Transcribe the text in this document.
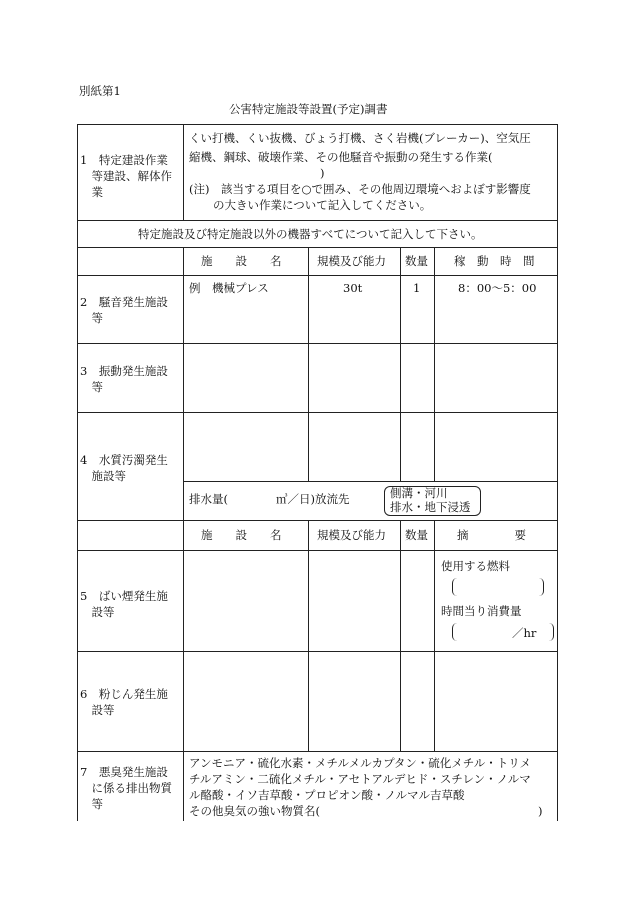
別紙第1
公害特定施設等設置(予定)調書
1　特定建設作業
　等建設、解体作
　業
くい打機、くい抜機、びょう打機、さく岩機(ブレーカー)、空気圧
縮機、鋼球、破壊作業、その他騒音や振動の発生する作業(
)
(注)　該当する項目を○で囲み、その他周辺環境へおよぼす影響度
の大きい作業について記入してください。
特定施設及び特定施設以外の機器すべてについて記入して下さい。
施　　設　　名	規模及び能力 数量 稼　動　時　間
2　騒音発生施設
　等
例　機械プレス	30t	1	8：00〜5：00
3　振動発生施設
　等
4　水質汚濁発生
　施設等
排水量(	㎥／日)放流先	側溝・河川
排水・地下浸透
施　　設　　名	規模及び能力 数量	摘　　　　要
5　ばい煙発生施
　設等
使用する燃料
時間当り消費量
／hr
6　粉じん発生施
　設等
7　悪臭発生施設
　に係る排出物質
　等
アンモニア・硫化水素・メチルメルカプタン・硫化メチル・トリメ
チルアミン・二硫化メチル・アセトアルデヒド・スチレン・ノルマ
ル酪酸・イソ吉草酸・プロピオン酸・ノルマル吉草酸
その他臭気の強い物質名(	)
